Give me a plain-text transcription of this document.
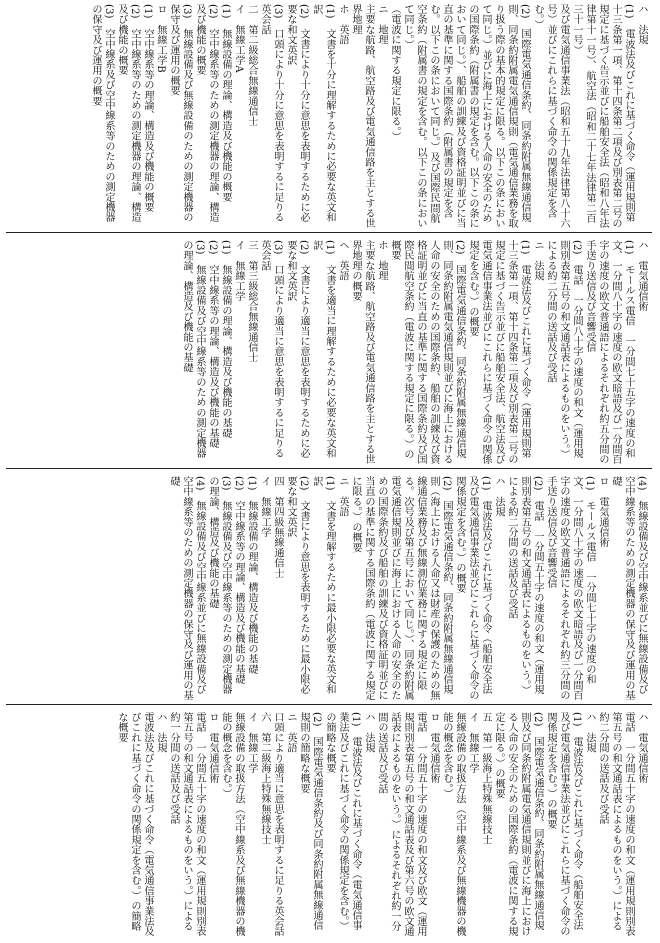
ハ　法規
(1)　電波法及びこれに基づく命令（運用規則第十三条第一項、第十四条第二項及び別表第二号の規定に基づく告示並びに船舶安全法（昭和八年法律第十一号）、航空法（昭和二十七年法律第二百三十一号）
及び電気通信事業法（昭和五十九年法律第八十六号）並びにこれらに基づく命令の関係規定を含む。）
(2)　国際電気通信条約、同条約附属無線通信規則、同条約附属電気通信規則（電気通信業務を取り扱う際の基本的規定に限る。以下この条において同じ。）並びに海上における人命の安全のための国際条約（附属書の規定を含む。以下この条において同じ。）、船舶の訓練及び資格証明並びに当直の基準に関する国際条約（附属書の規定を含む。以下この条において同じ。）及び国際民間航空条約（附属書の規定を含む。以下この条において同じ。）
（電波に関する規定に限る。）
ニ　地理
主要な航路、航空路及び電気通信路を主とする世界地理
ホ　英語
(1)　文書を十分に理解するために必要な英文和訳
(2)　文書により十分に意思を表明するために必要な和文英訳
(3)　口頭により十分に意思を表明するに足りる英会話
二　第二級総合無線通信士
イ　無線工学A
(1)　無線設備の理論、構造及び機能の概要
(2)　空中線系等のための測定機器の理論、構造及び機能の概要
(3)　無線設備及び無線設備のための測定機器の保守及び運用の概要
ロ　無線工学B
(1)　空中線系等の理論、構造及び機能の概要
(2)　空中線系等のための測定機器の理論、構造及び機能の概要
(3)　空中線系及び空中線系等のための測定機器の保守及び運用の概要
ハ　電気通信術
(1)　モールス電信　一分間七十五字の速度の和文、一分間八十字の速度の欧文暗語及び一分間百字の速度の欧文普通語によるそれぞれ約五分間の手送り送信及び音響受信
(2)　電話　一分間八十字の速度の和文（運用規則別表第五号の和文通話表によるものをいう。）による約二分間の送話及び受話
ニ　法規
(1)　電波法及びこれに基づく命令（運用規則第十三条第一項、第十四条第二項及び別表第二号の規定に基づく告示並びに船舶安全法、航空法及び電気通信事業法並びにこれらに基づく命令の関係規定を含む。）の概要
(2)　国際電気通信条約、同条約附属無線通信規則、同条約附属電気通信規則並びに海上における人命の安全のための国際条約、船舶の訓練及び資格証明並びに当直の基準に関する国際条約及び国際民間航空条約（電波に関する規定に限る。）の概要
ホ　地理
主要な航路、航空路及び電気通信路を主とする世界地理の概要
ヘ　英語
(1)　文書を適当に理解するために必要な英文和訳
(2)　文書により適当に意思を表明するために必要な和文英訳
(3)　口頭により適当に意思を表明するに足りる英会話
三　第三級総合無線通信士
イ　無線工学
(1)　無線設備の理論、構造及び機能の基礎
(2)　空中線系等の理論、構造及び機能の基礎
(3)　無線設備及び空中線系等のための測定機器の理論、構造及び機能の基礎
(4)　無線設備及び空中線系並びに無線設備及び空中線系等のための測定機器の保守及び運用の基礎
ロ　電気通信術
(1)　モールス電信　一分間七十字の速度の和文、一分間八十字の速度の欧文暗語及び一分間百字の速度の欧文普通語によるそれぞれ約三分間の手送り送信及び音響受信
(2)　電話　一分間五十字の速度の和文（運用規則別表第五号の和文通話表によるものをいう。）による約二分間の送話及び受話
ハ　法規
(1)　電波法及びこれに基づく命令（船舶安全法及び電気通信事業法並びにこれらに基づく命令の関係規定を含む。）の概要
(2)　国際電気通信条約、同条約附属無線通信規則（海上における人命又は財産の保護のための無線通信業務及び無線測位業務に関する規定に限る。次号及び第五号において同じ。）、同条約附属電気通信規則並びに海上における人命の安全のための国際条約及び船舶の訓練及び資格証明並びに当直の基準に関する国際条約（電波に関する規定に限る。）の概要
ニ　英語
(1)　文書を理解するために最小限必要な英文和訳
(2)　文書により意思を表明するために最小限必要な和文英訳
四　第四級無線通信士
イ　無線工学
(1)　無線設備の理論、構造及び機能の基礎
(2)　空中線系等の理論、構造及び機能の基礎
(3)　無線設備及び空中線系等のための測定機器の理論、構造及び機能の基礎
(4)　無線設備及び空中線系並びに無線設備及び空中線系等のための測定機器の保守及び運用の基礎
ハ　電気通信術
電話　一分間五十字の速度の和文（運用規則別表第五号の和文通話表によるものをいう。）による約二分間の送話及び受話
ハ　法規
(1)　電波法及びこれに基づく命令（船舶安全法及び電気通信事業法並びにこれらに基づく命令の関係規定を含む。）の概要
(2)　国際電気通信条約、同条約附属無線通信規則及び同条約附属電気通信規則並びに海上における人命の安全のための国際条約（電波に関する規定に限る。）の概要
五　第一級海上特殊無線技士
イ　無線工学
無線設備の取扱方法（空中線系及び無線機器の機能の概念を含む。）
ロ　電気通信術
電話　一分間五十字の速度の和文及び欧文（運用規則別表第五号の和文通話表及び第六号の欧文通話表によるものをいう。）によるそれぞれ約一分間の送話及び受話
ハ　法規
(1)　電波法及びこれに基づく命令（電気通信事業法及びこれに基づく命令の関係規定を含む。）の簡略な概要
(2)　国際電気通信条約及び同条約附属無線通信規則の簡略な概要
ニ　英語
口頭により適当に意思を表明するに足りる英会話
六　第二級海上特殊無線技士
イ　無線工学
無線設備の取扱方法（空中線系及び無線機器の機能の概念を含む。）
ロ　電気通信術
電話　一分間五十字の速度の和文（運用規則別表第五号の和文通話表によるものをいう。）による約一分間の送話及び受話
ハ　法規
電波法及びこれに基づく命令（電気通信事業法及びこれに基づく命令の関係規定を含む。）の簡略な概要
